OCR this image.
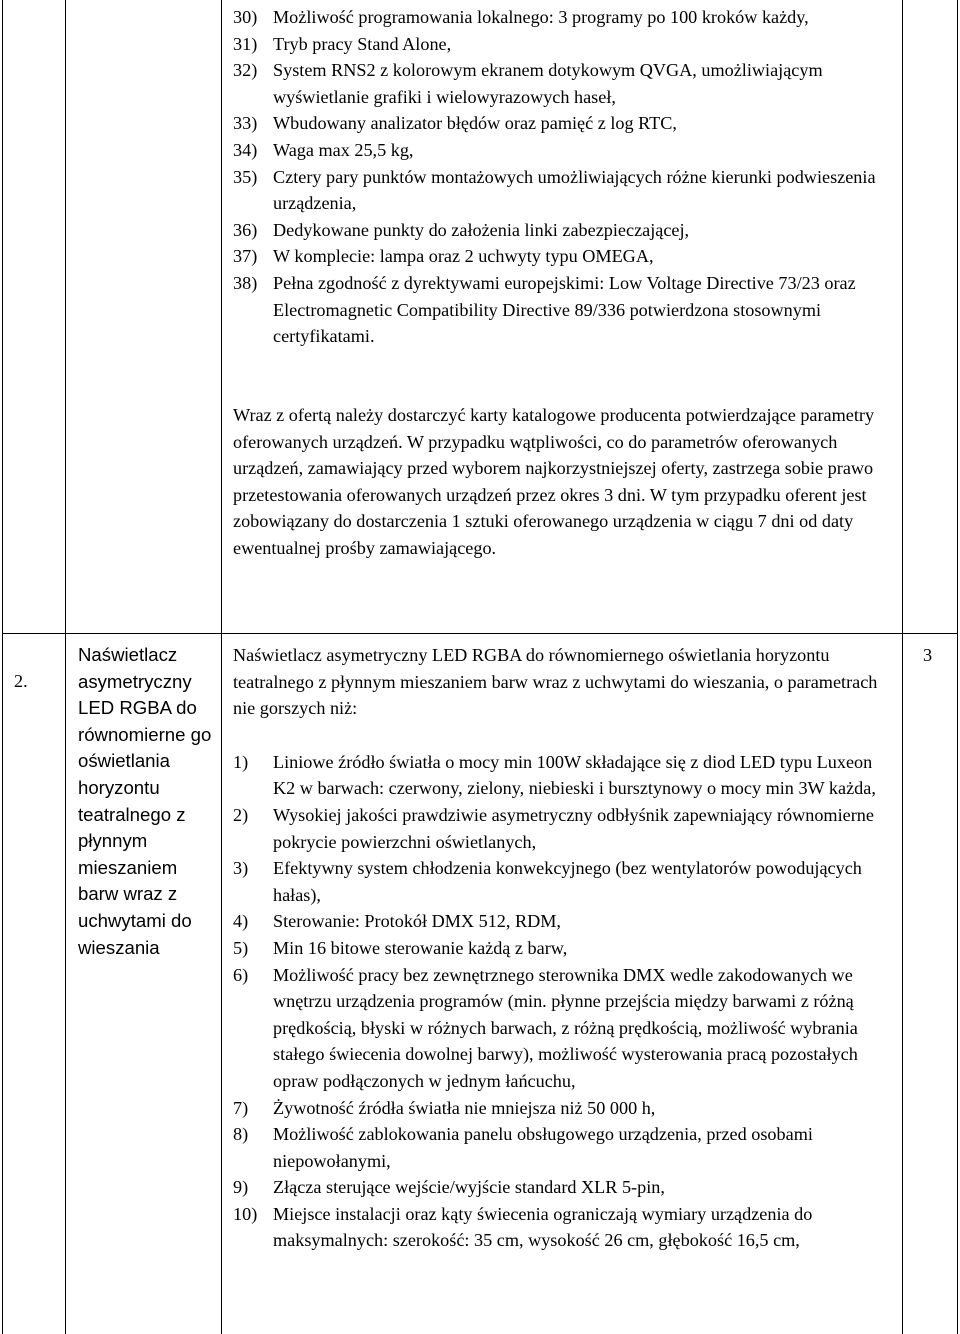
30) Możliwość programowania lokalnego: 3 programy po 100 kroków każdy,
31) Tryb pracy Stand Alone,
32) System RNS2 z kolorowym ekranem dotykowym QVGA, umożliwiającym wyświetlanie grafiki i wielowyrazowych haseł,
33) Wbudowany analizator błędów oraz pamięć z log RTC,
34) Waga max 25,5 kg,
35) Cztery pary punktów montażowych umożliwiających różne kierunki podwieszenia urządzenia,
36) Dedykowane punkty do założenia linki zabezpieczającej,
37) W komplecie: lampa oraz 2 uchwyty typu OMEGA,
38) Pełna zgodność z dyrektywami europejskimi: Low Voltage Directive 73/23 oraz Electromagnetic Compatibility Directive 89/336 potwierdzona stosownymi certyfikatami.

Wraz z ofertą należy dostarczyć karty katalogowe producenta potwierdzające parametry oferowanych urządzeń. W przypadku wątpliwości, co do parametrów oferowanych urządzeń, zamawiający przed wyborem najkorzystniejszej oferty, zastrzega sobie prawo przetestowania oferowanych urządzeń przez okres 3 dni. W tym przypadku oferent jest zobowiązany do dostarczenia 1 sztuki oferowanego urządzenia w ciągu 7 dni od daty ewentualnej prośby zamawiającego.

2.

Naświetlacz asymetryczny LED RGBA do równomierne go oświetlania horyzontu teatralnego z płynnym mieszaniem barw wraz z uchwytami do wieszania

Naświetlacz asymetryczny LED RGBA do równomiernego oświetlania horyzontu teatralnego z płynnym mieszaniem barw wraz z uchwytami do wieszania, o parametrach nie gorszych niż:

1) Liniowe źródło światła o mocy min 100W składające się z diod LED typu Luxeon K2 w barwach: czerwony, zielony, niebieski i bursztynowy o mocy min 3W każda,
2) Wysokiej jakości prawdziwie asymetryczny odbłyśnik zapewniający równomierne pokrycie powierzchni oświetlanych,
3) Efektywny system chłodzenia konwekcyjnego (bez wentylatorów powodujących hałas),
4) Sterowanie: Protokół DMX 512, RDM,
5) Min 16 bitowe sterowanie każdą z barw,
6) Możliwość pracy bez zewnętrznego sterownika DMX wedle zakodowanych we wnętrzu urządzenia programów (min. płynne przejścia między barwami z różną prędkością, błyski w różnych barwach, z różną prędkością, możliwość wybrania stałego świecenia dowolnej barwy), możliwość wysterowania pracą pozostałych opraw podłączonych w jednym łańcuchu,
7) Żywotność źródła światła nie mniejsza niż 50 000 h,
8) Możliwość zablokowania panelu obsługowego urządzenia, przed osobami niepowołanymi,
9) Złącza sterujące wejście/wyjście standard XLR 5-pin,
10) Miejsce instalacji oraz kąty świecenia ograniczają wymiary urządzenia do maksymalnych: szerokość: 35 cm, wysokość 26 cm, głębokość 16,5 cm,
3
